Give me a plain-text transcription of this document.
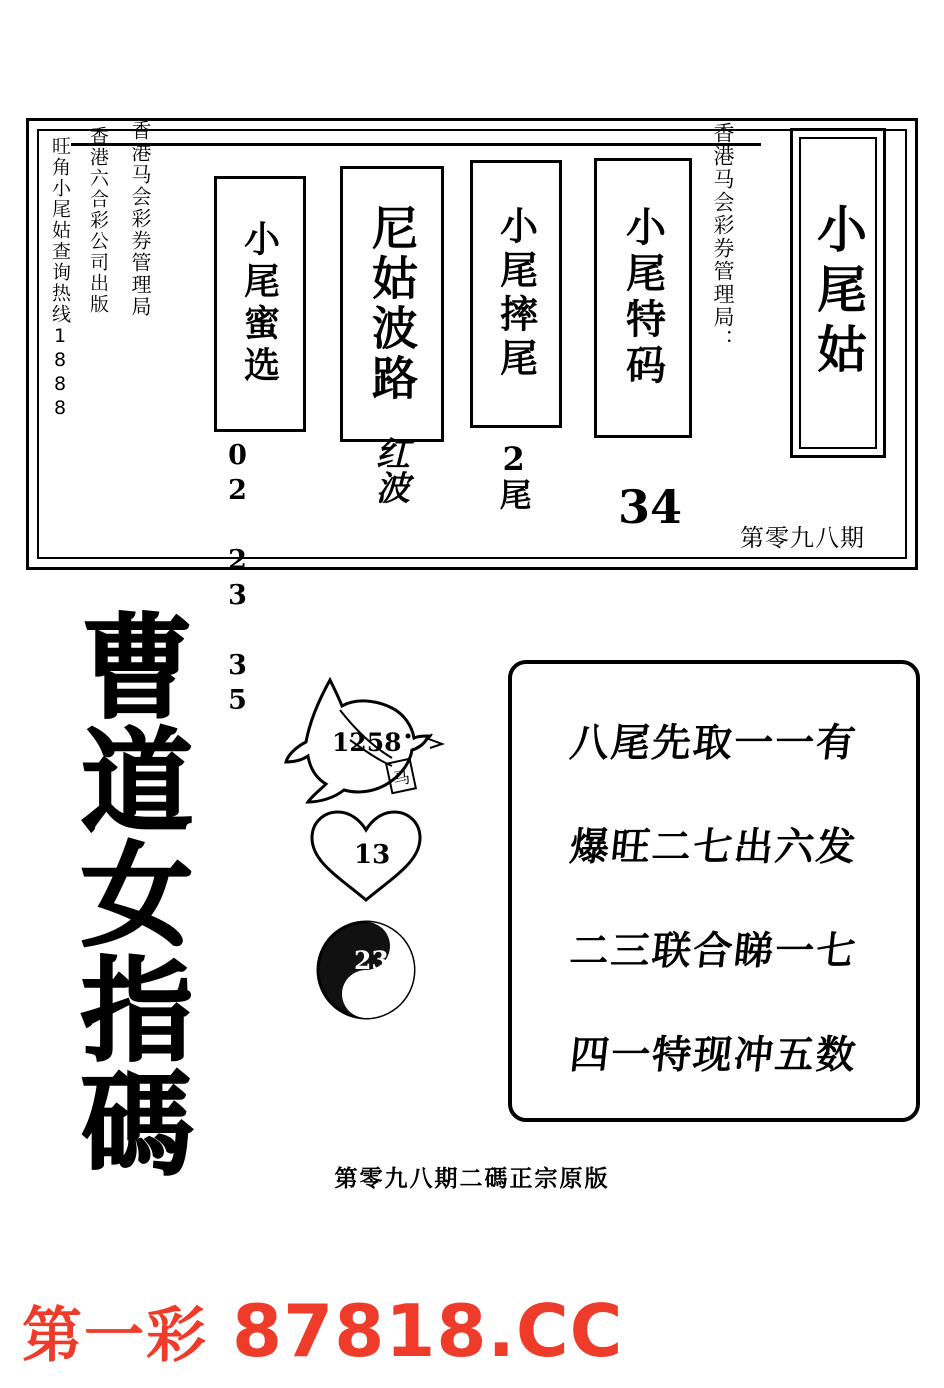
旺角小尾姑查询热线1888 香港六合彩公司出版 香港马会彩券管理局	香港马会彩券管理局： 小尾姑
小尾特码
34
小尾摔尾
2尾
尼姑波路
红波
小尾蜜选
02 23 35	第零九八期
曹
道
女
指
碼
1258
马
13
23
八尾先取一一有
爆旺二七出六发
二三联合睇一七
四一特现冲五数
第零九八期二碼正宗原版
第一彩 87818.CC
